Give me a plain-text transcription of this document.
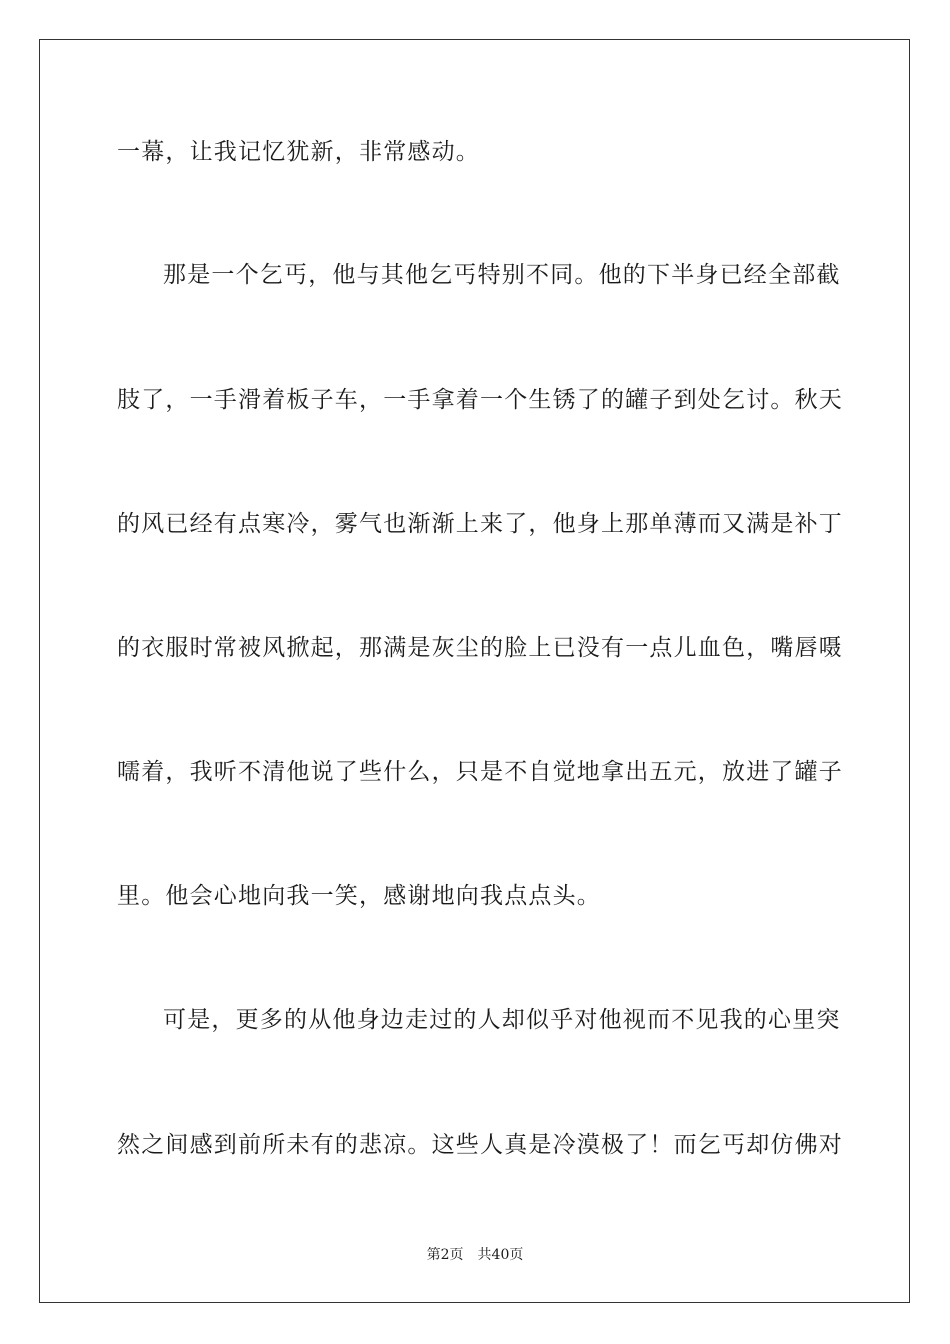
一幕，让我记忆犹新，非常感动。
那是一个乞丐，他与其他乞丐特别不同。他的下半身已经全部截
肢了，一手滑着板子车，一手拿着一个生锈了的罐子到处乞讨。秋天
的风已经有点寒冷，雾气也渐渐上来了，他身上那单薄而又满是补丁
的衣服时常被风掀起，那满是灰尘的脸上已没有一点儿血色，嘴唇嗫
嚅着，我听不清他说了些什么，只是不自觉地拿出五元，放进了罐子
里。他会心地向我一笑，感谢地向我点点头。
可是，更多的从他身边走过的人却似乎对他视而不见我的心里突
然之间感到前所未有的悲凉。这些人真是冷漠极了！而乞丐却仿佛对
第2页 共40页
